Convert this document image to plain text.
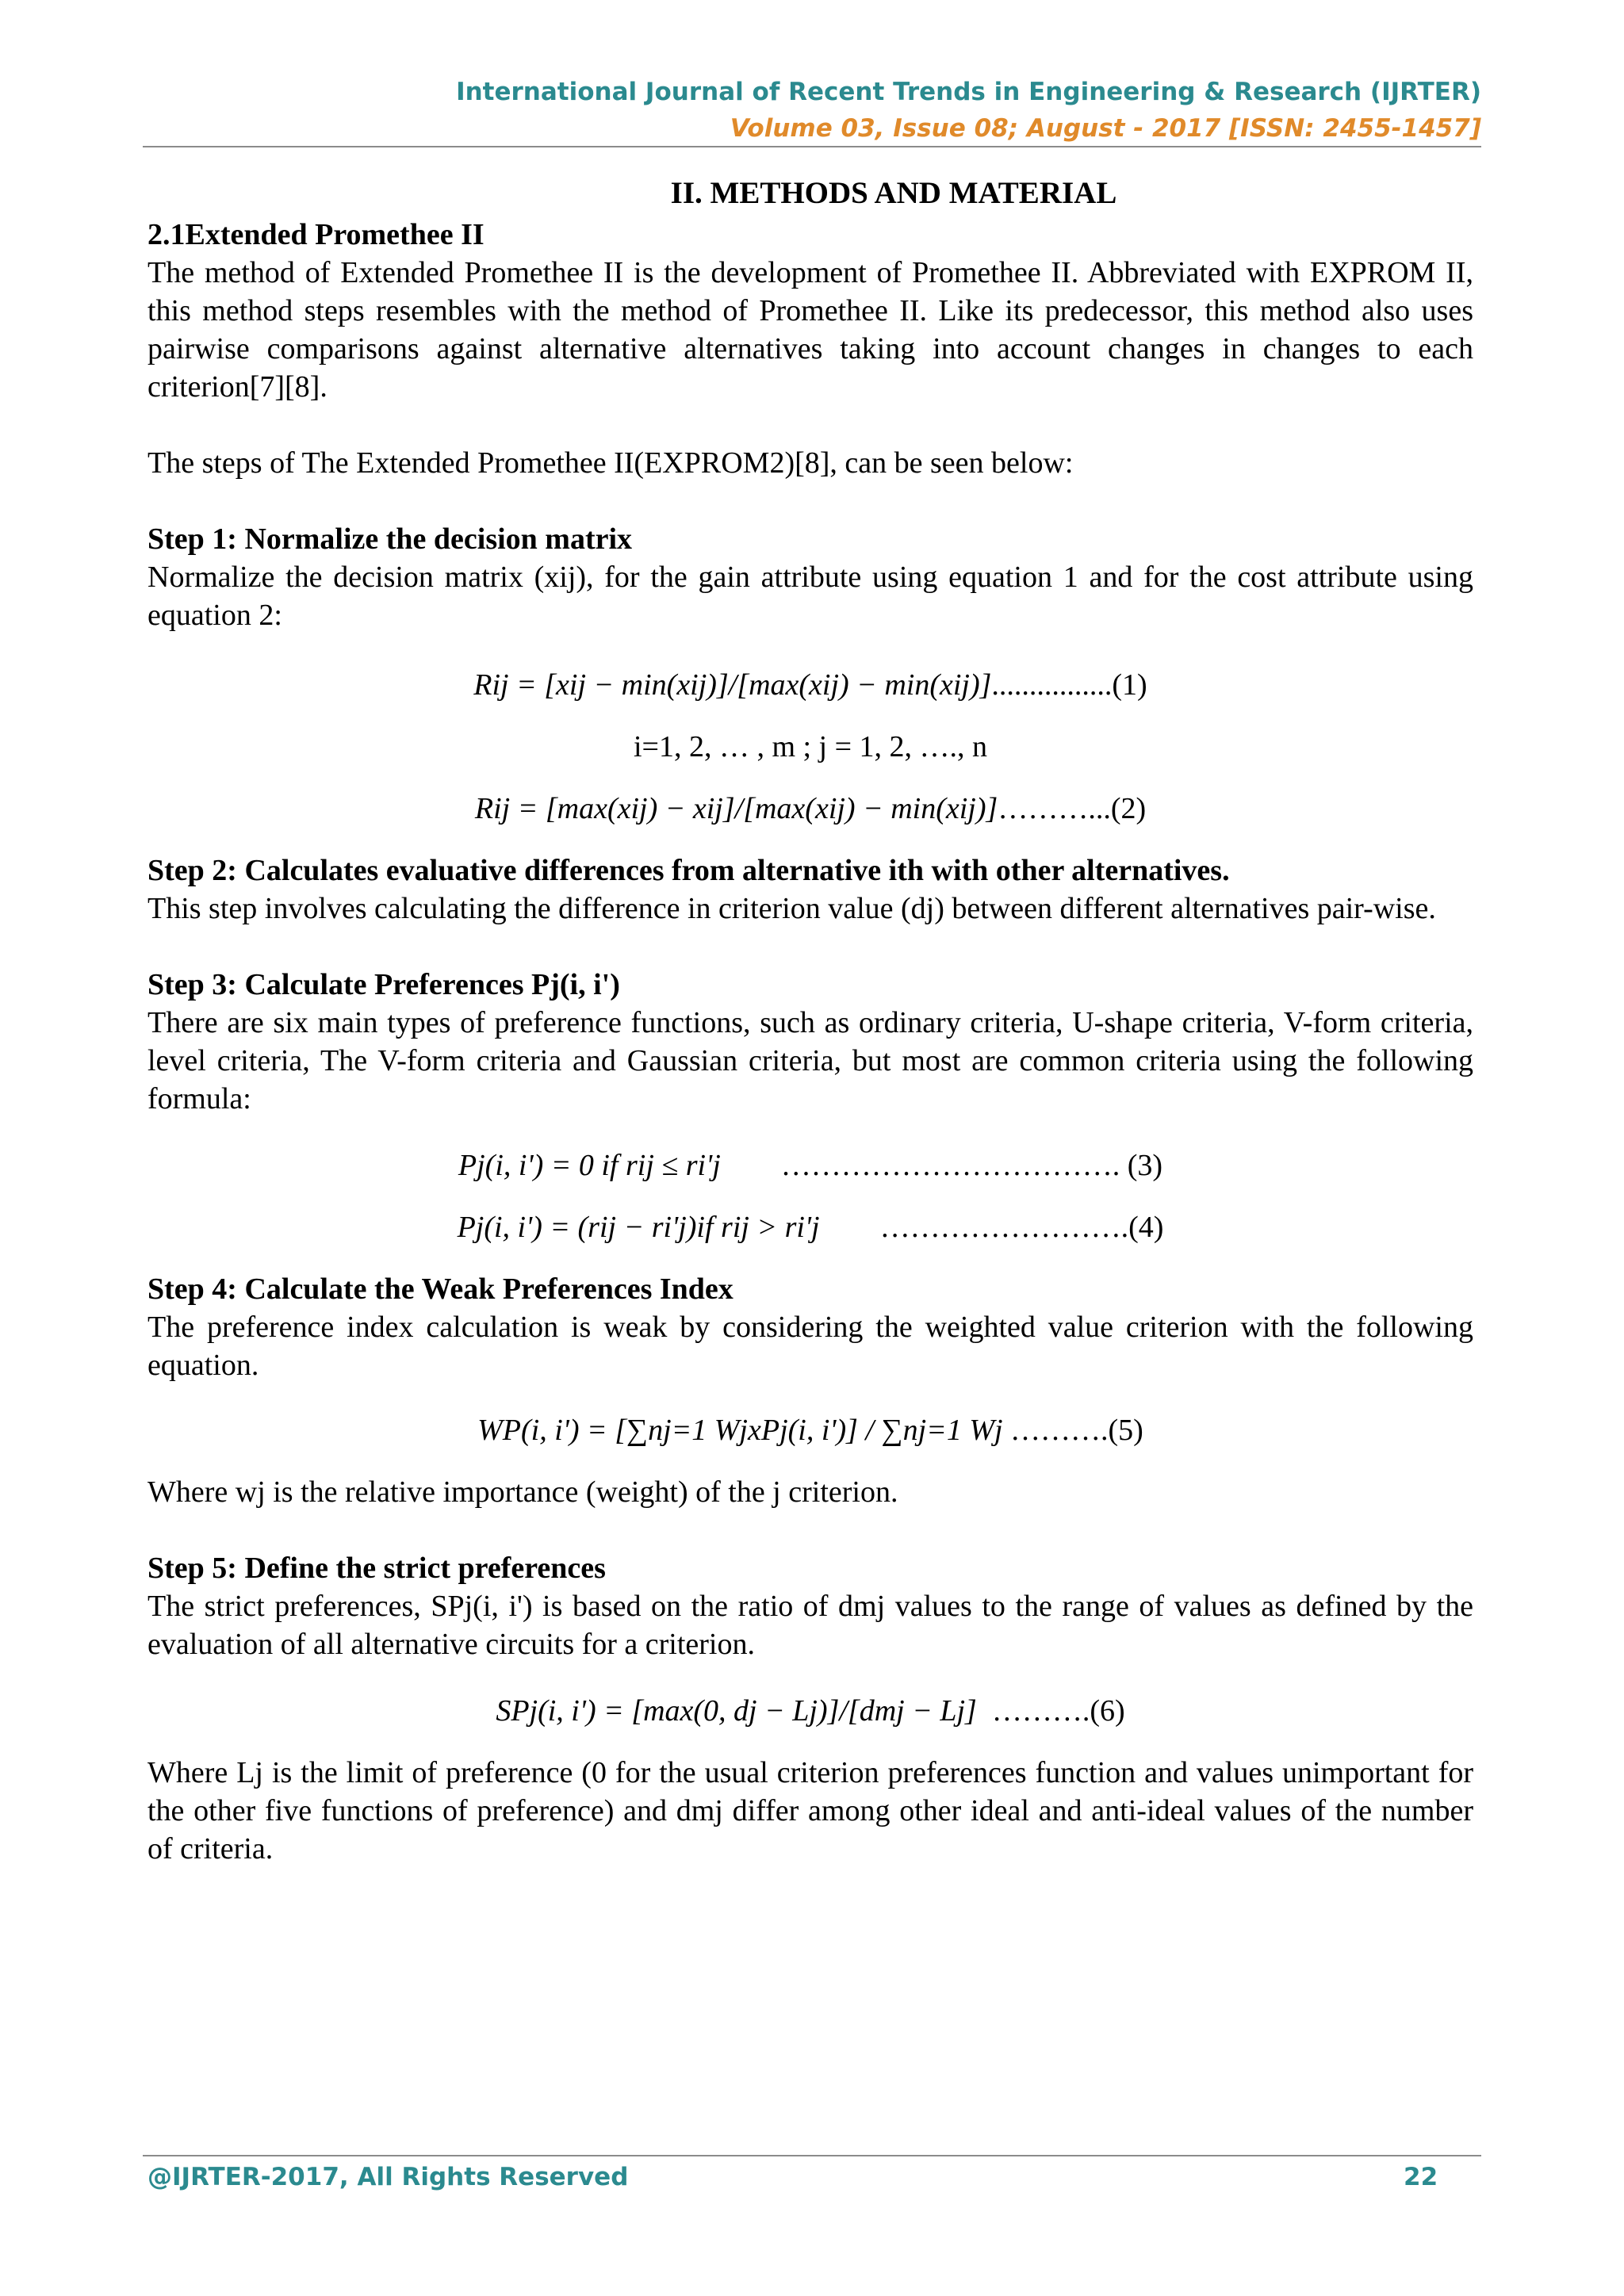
International Journal of Recent Trends in Engineering & Research (IJRTER)
Volume 03, Issue 08; August - 2017 [ISSN: 2455-1457]
II. METHODS AND MATERIAL
2.1Extended Promethee II

The method of Extended Promethee II is the development of Promethee II. Abbreviated with EXPROM II, this method steps resembles with the method of Promethee II. Like its predecessor, this method also uses pairwise comparisons against alternative alternatives taking into account changes in changes to each criterion[7][8].

The steps of The Extended Promethee II(EXPROM2)[8], can be seen below:

Step 1: Normalize the decision matrix

Normalize the decision matrix (xij), for the gain attribute using equation 1 and for the cost attribute using equation 2:

Rij = [xij − min(xij)]/[max(xij) − min(xij)]................(1)
i=1, 2, … , m ; j = 1, 2, …., n
Rij = [max(xij) − xij]/[max(xij) − min(xij)]………...(2)
Step 2: Calculates evaluative differences from alternative ith with other alternatives.

This step involves calculating the difference in criterion value (dj) between different alternatives pair-wise.

Step 3: Calculate Preferences Pj(i, i')

There are six main types of preference functions, such as ordinary criteria, U-shape criteria, V-form criteria, level criteria, The V-form criteria and Gaussian criteria, but most are common criteria using the following formula:

Pj(i, i') = 0 if rij ≤ ri'j ……………………………. (3)
Pj(i, i') = (rij − ri'j)if rij > ri'j …………………….(4)
Step 4: Calculate the Weak Preferences Index

The preference index calculation is weak by considering the weighted value criterion with the following equation.

WP(i, i') = [∑nj=1 WjxPj(i, i')] / ∑nj=1 Wj ……….(5)

Where wj is the relative importance (weight) of the j criterion.

Step 5: Define the strict preferences

The strict preferences, SPj(i, i') is based on the ratio of dmj values to the range of values as defined by the evaluation of all alternative circuits for a criterion.

SPj(i, i') = [max(0, dj − Lj)]/[dmj − Lj] ……….(6)

Where Lj is the limit of preference (0 for the usual criterion preferences function and values unimportant for the other five functions of preference) and dmj differ among other ideal and anti-ideal values of the number of criteria.

@IJRTER-2017, All Rights Reserved	22
